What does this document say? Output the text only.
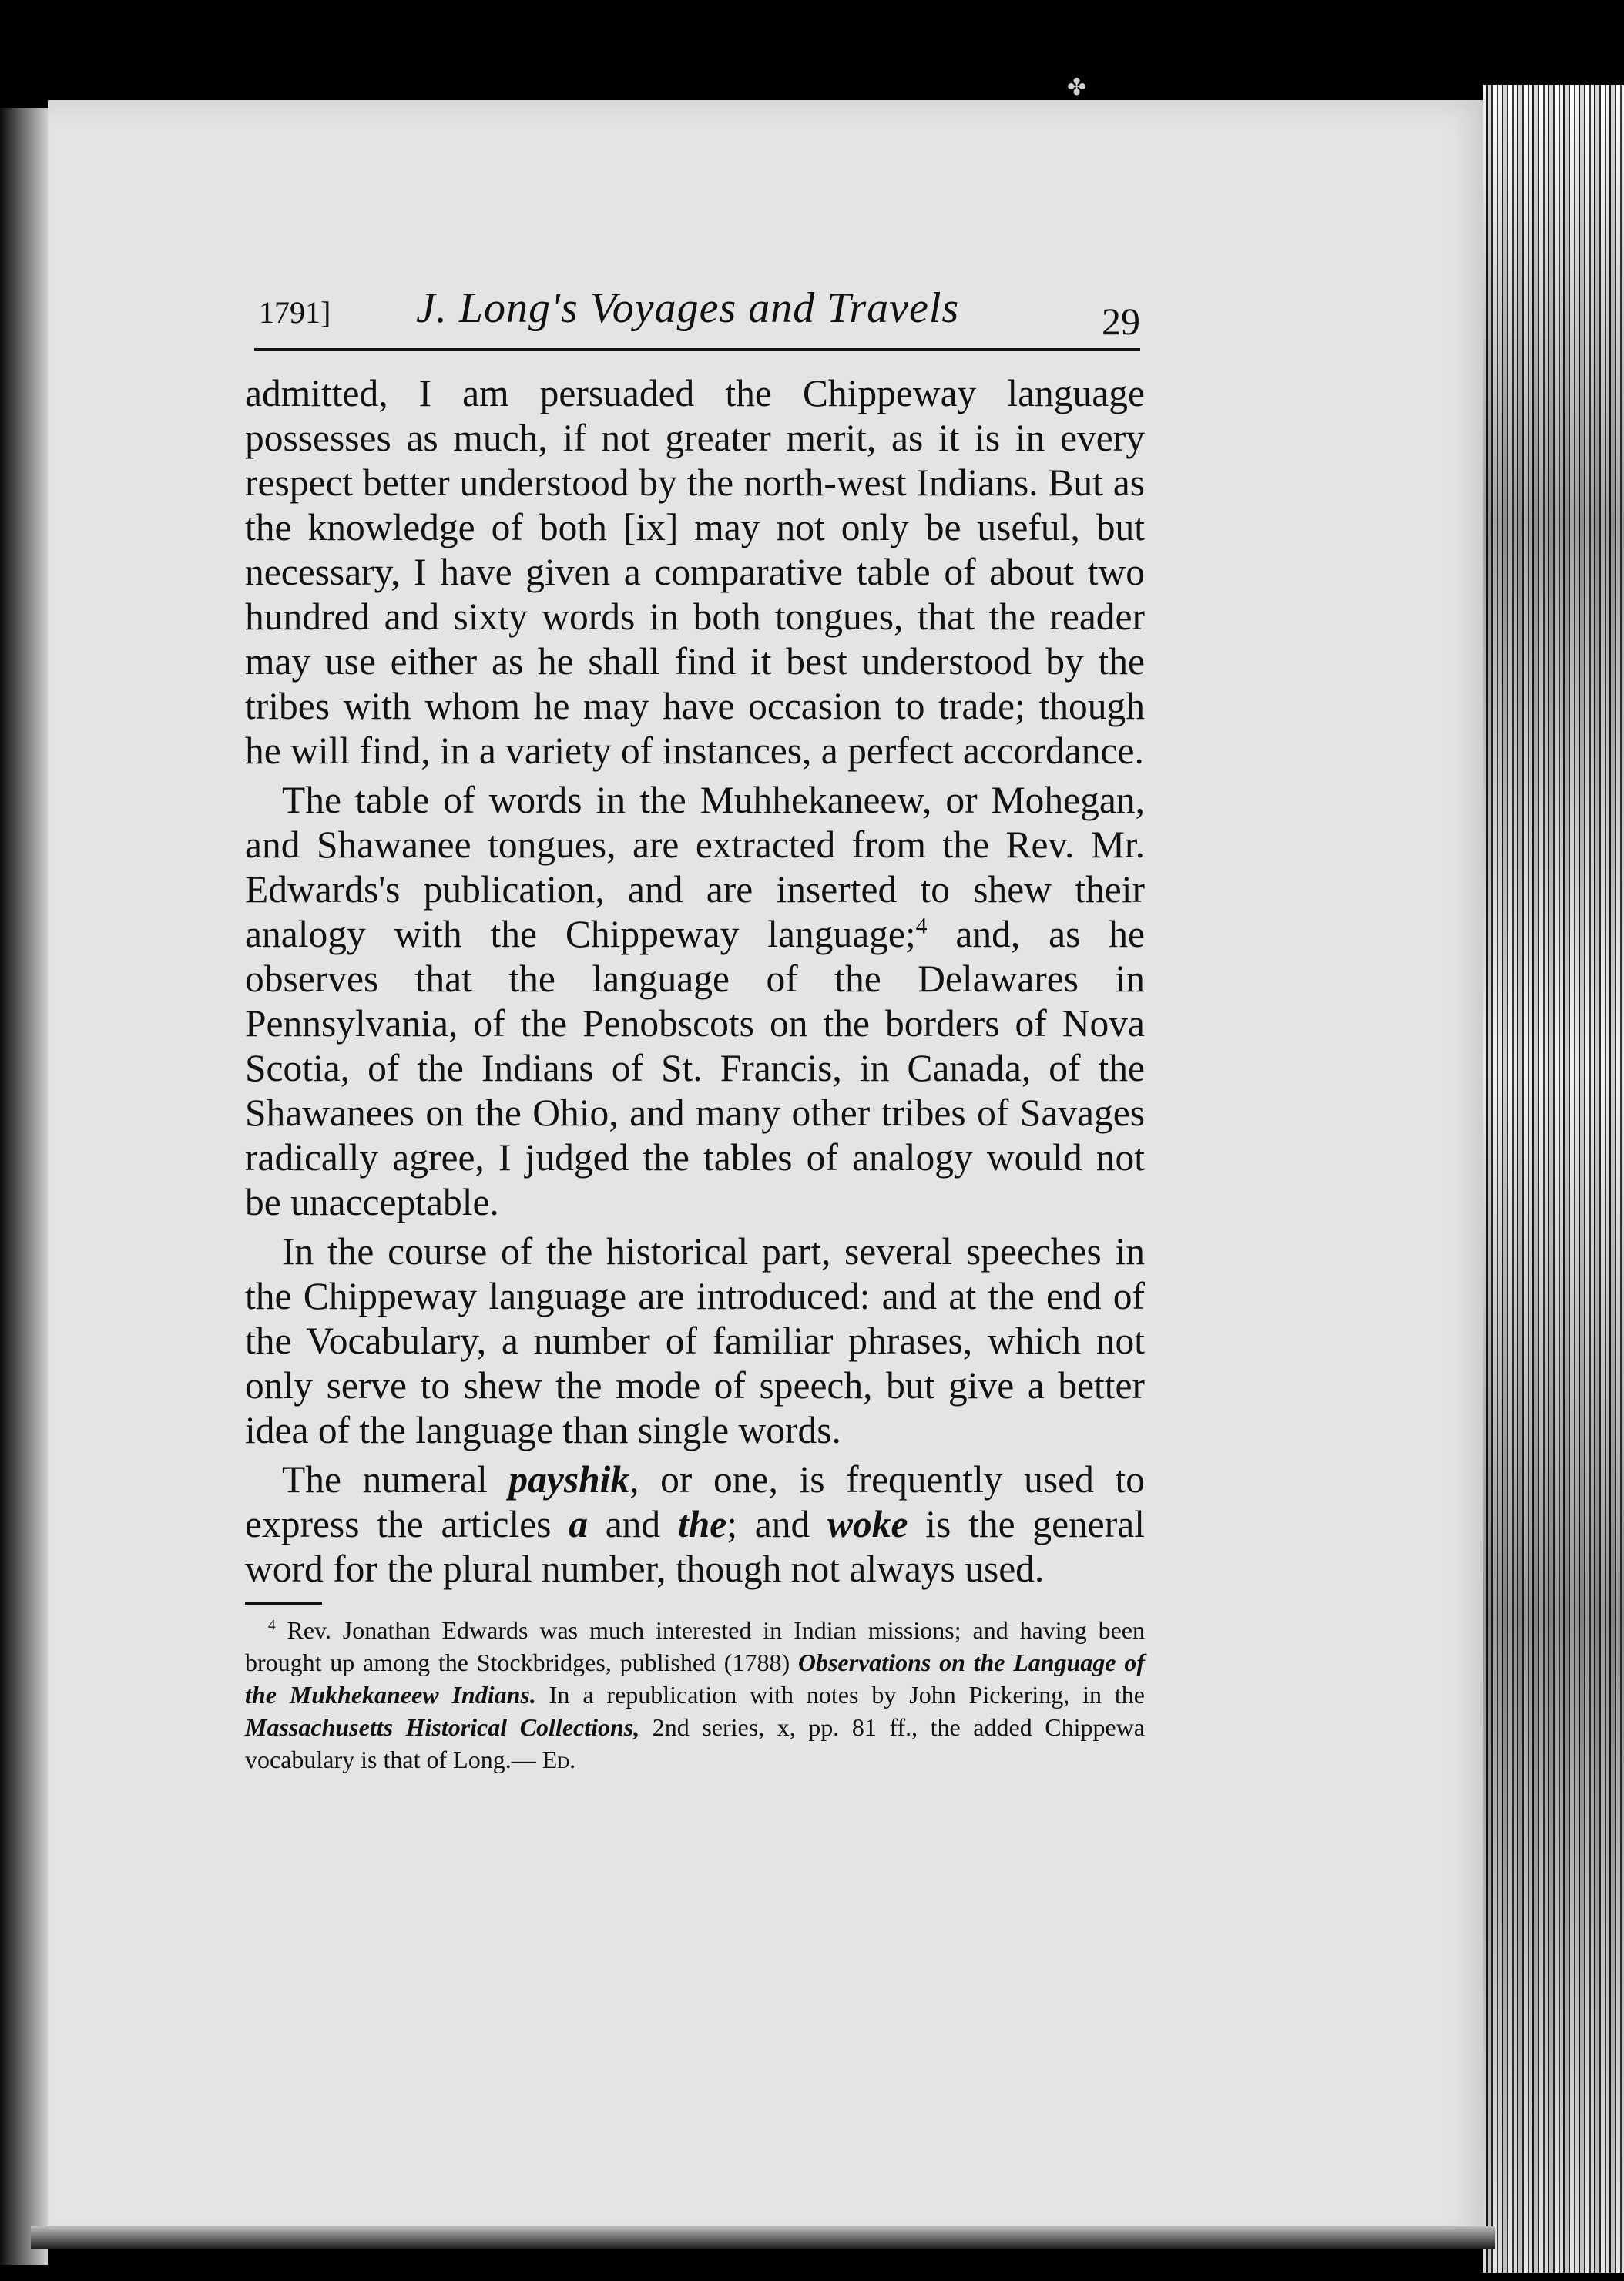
✤
1791] J. Long's Voyages and Travels	29

admitted, I am persuaded the Chippeway language possesses as much, if not greater merit, as it is in every respect better understood by the north-west Indians. But as the knowledge of both [ix] may not only be useful, but necessary, I have given a comparative table of about two hundred and sixty words in both tongues, that the reader may use either as he shall find it best understood by the tribes with whom he may have occasion to trade; though he will find, in a variety of instances, a perfect accordance.

The table of words in the Muhhekaneew, or Mohegan, and Shawanee tongues, are extracted from the Rev. Mr. Edwards's publication, and are inserted to shew their analogy with the Chippeway language;$^4$ and, as he observes that the language of the Delawares in Pennsylvania, of the Penobscots on the borders of Nova Scotia, of the Indians of St. Francis, in Canada, of the Shawanees on the Ohio, and many other tribes of Savages radically agree, I judged the tables of analogy would not be unacceptable.

In the course of the historical part, several speeches in the Chippeway language are introduced: and at the end of the Vocabulary, a number of familiar phrases, which not only serve to shew the mode of speech, but give a better idea of the language than single words.

The numeral payshik, or one, is frequently used to express the articles a and the; and woke is the general word for the plural number, though not always used.

$^4$ Rev. Jonathan Edwards was much interested in Indian missions; and having been brought up among the Stockbridges, published (1788) Observations on the Language of the Mukhekaneew Indians. In a republication with notes by John Pickering, in the Massachusetts Historical Collections, 2nd series, x, pp. 81 ff., the added Chippewa vocabulary is that of Long.— Ed.
